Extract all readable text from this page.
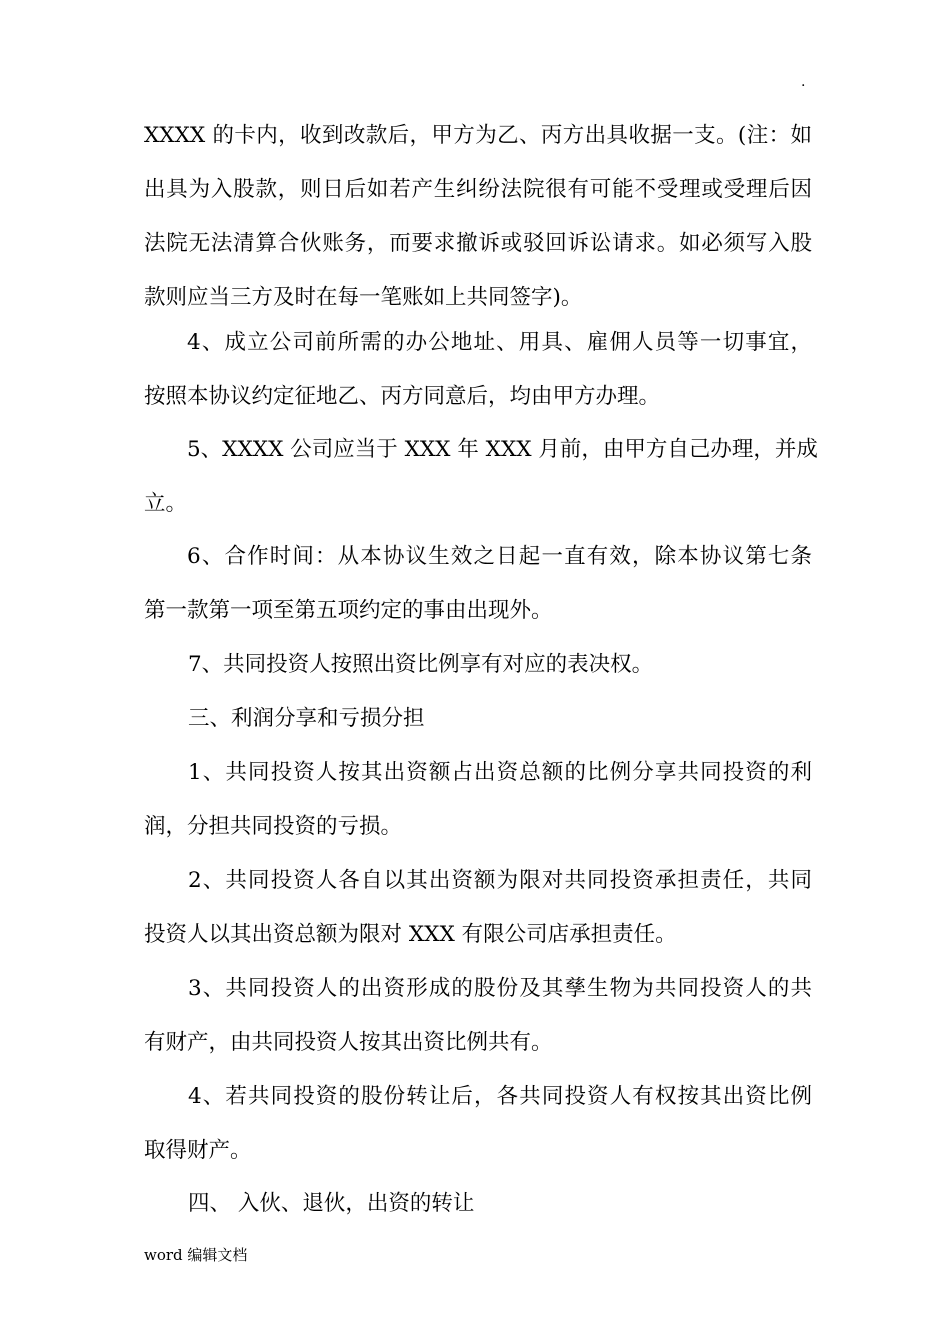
.
XXXX 的卡内，收到改款后，甲方为乙、丙方出具收据一支。(注：如
出具为入股款，则日后如若产生纠纷法院很有可能不受理或受理后因
法院无法清算合伙账务，而要求撤诉或驳回诉讼请求。如必须写入股
款则应当三方及时在每一笔账如上共同签字)。
4、成立公司前所需的办公地址、用具、雇佣人员等一切事宜，
按照本协议约定征地乙、丙方同意后，均由甲方办理。
5、XXXX 公司应当于 XXX 年 XXX 月前，由甲方自己办理，并成
立。
6、合作时间：从本协议生效之日起一直有效，除本协议第七条
第一款第一项至第五项约定的事由出现外。
7、共同投资人按照出资比例享有对应的表决权。
三、利润分享和亏损分担
1、共同投资人按其出资额占出资总额的比例分享共同投资的利
润，分担共同投资的亏损。
2、共同投资人各自以其出资额为限对共同投资承担责任，共同
投资人以其出资总额为限对 XXX 有限公司店承担责任。
3、共同投资人的出资形成的股份及其孳生物为共同投资人的共
有财产，由共同投资人按其出资比例共有。
4、若共同投资的股份转让后，各共同投资人有权按其出资比例
取得财产。
四、 入伙、退伙，出资的转让
word 编辑文档
